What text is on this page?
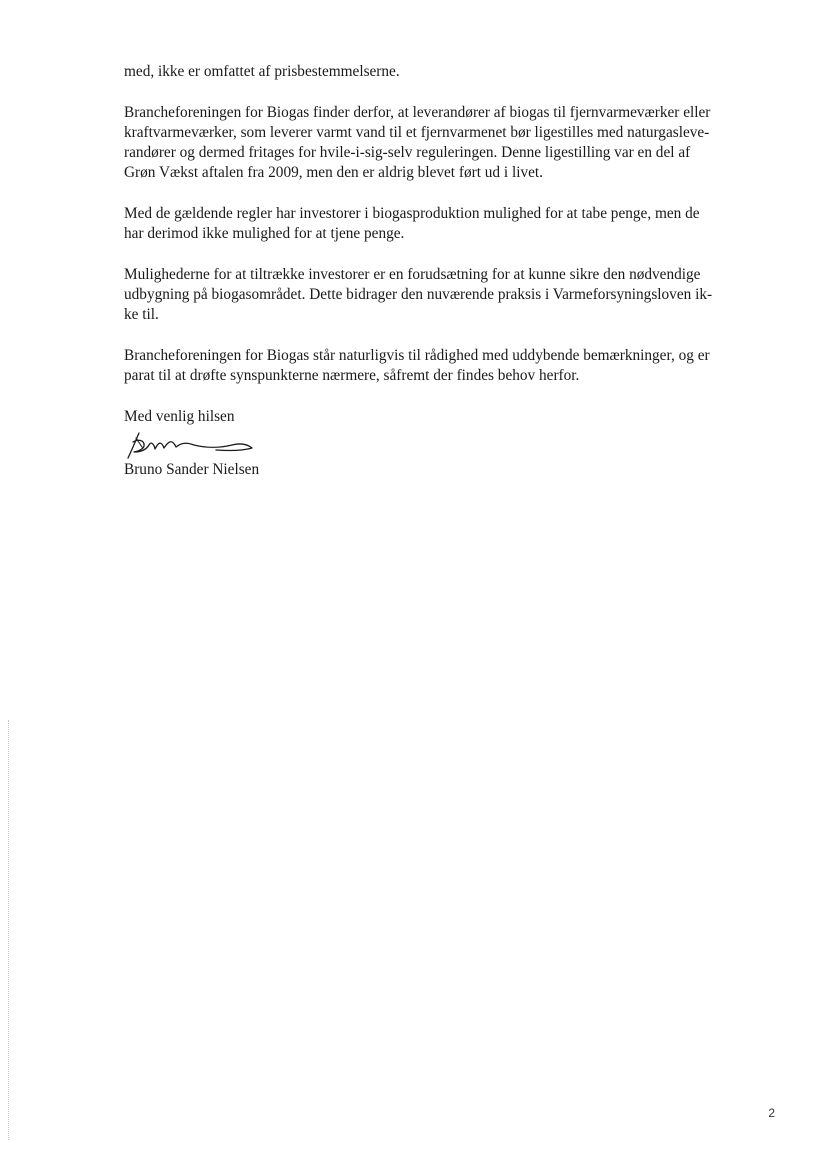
med, ikke er omfattet af prisbestemmelserne.

Brancheforeningen for Biogas finder derfor, at leverandører af biogas til fjernvarmeværker eller
kraftvarmeværker, som leverer varmt vand til et fjernvarmenet bør ligestilles med naturgasleve-
randører og dermed fritages for hvile-i-sig-selv reguleringen. Denne ligestilling var en del af
Grøn Vækst aftalen fra 2009, men den er aldrig blevet ført ud i livet.

Med de gældende regler har investorer i biogasproduktion mulighed for at tabe penge, men de
har derimod ikke mulighed for at tjene penge.

Mulighederne for at tiltrække investorer er en forudsætning for at kunne sikre den nødvendige
udbygning på biogasområdet. Dette bidrager den nuværende praksis i Varmeforsyningsloven ik-
ke til.

Brancheforeningen for Biogas står naturligvis til rådighed med uddybende bemærkninger, og er
parat til at drøfte synspunkterne nærmere, såfremt der findes behov herfor.

Med venlig hilsen

Bruno Sander Nielsen

2
